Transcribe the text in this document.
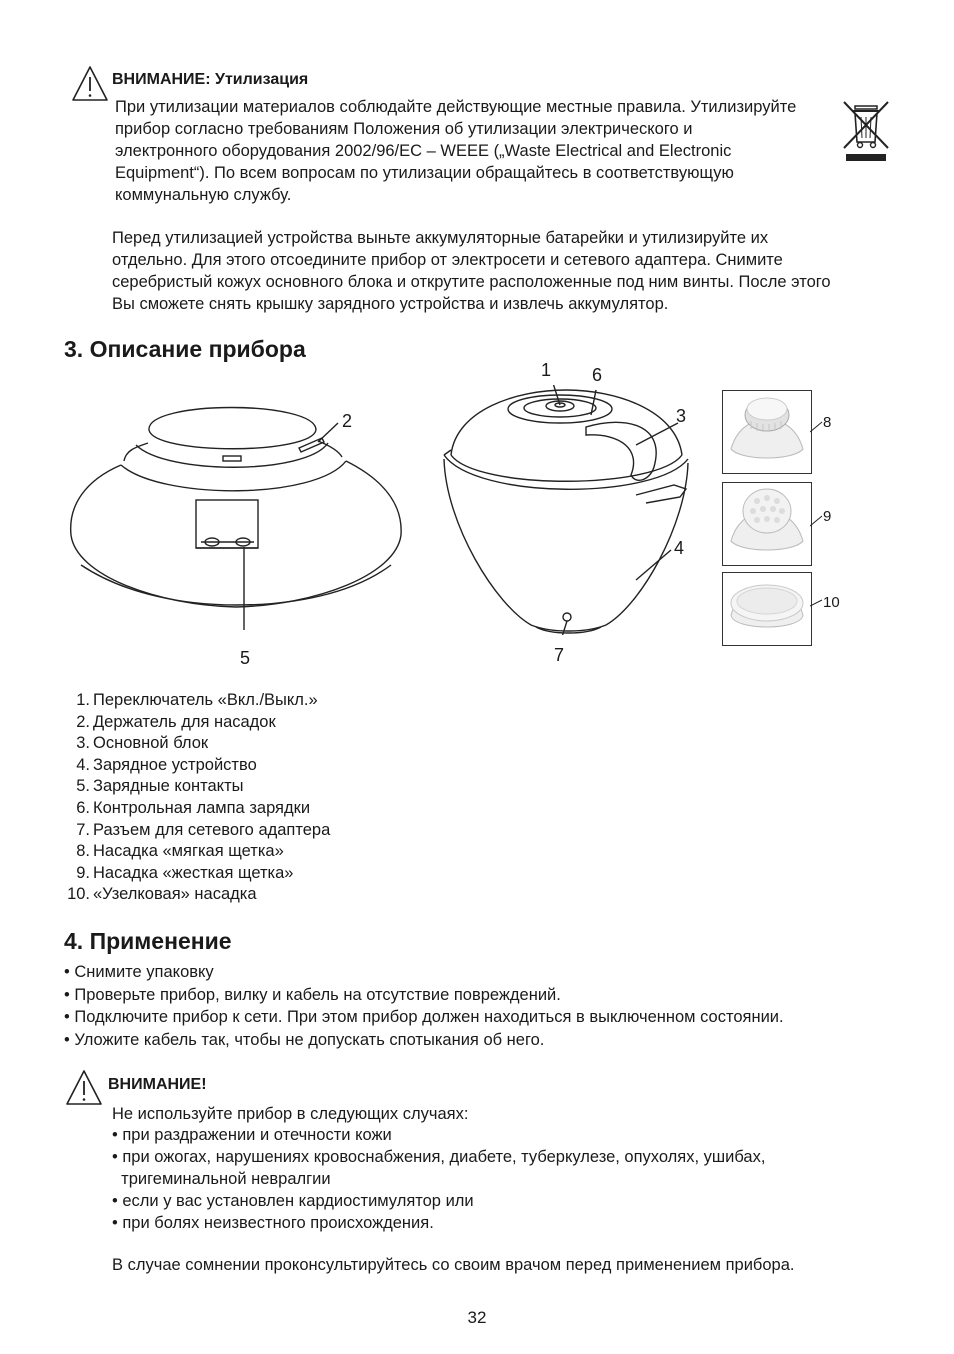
ВНИМАНИЕ: Утилизация
При утилизации материалов соблюдайте действующие местные правила. Утилизируйте
прибор согласно требованиям Положения об утилизации электрического и
электронного оборудования 2002/96/ЕС – WEEE („Waste Electrical and Electronic
Equipment“). По всем вопросам по утилизации обращайтесь в соответствующую
коммунальную службу.
Перед утилизацией устройства выньте аккумуляторные батарейки и утилизируйте их
отдельно. Для этого отсоедините прибор от электросети и сетевого адаптера. Снимите
серебристый кожух основного блока и открутите расположенные под ним винты. После этого
Вы сможете снять крышку зарядного устройства и извлечь аккумулятор.
3. Описание прибора
2
5
1 6
3
4
7
8
9
10
1. Переключатель «Вкл./Выкл.»
2. Держатель для насадок
3. Основной блок
4. Зарядное устройство
5. Зарядные контакты
6. Контрольная лампа зарядки
7. Разъем для сетевого адаптера
8. Насадка «мягкая щетка»
9. Насадка «жесткая щетка»
10. «Узелковая» насадка
4. Применение
• Снимите упаковку
• Проверьте прибор, вилку и кабель на отсутствие повреждений.
• Подключите прибор к сети. При этом прибор должен находиться в выключенном состоянии.
• Уложите кабель так, чтобы не допускать спотыкания об него.
ВНИМАНИЕ!
Не используйте прибор в следующих случаях:
• при раздражении и отечности кожи
• при ожогах, нарушениях кровоснабжения, диабете, туберкулезе, опухолях, ушибах,
тригеминальной невралгии
• если у вас установлен кардиостимулятор или
• при болях неизвестного происхождения.
В случае сомнении проконсультируйтесь со своим врачом перед применением прибора.
32
